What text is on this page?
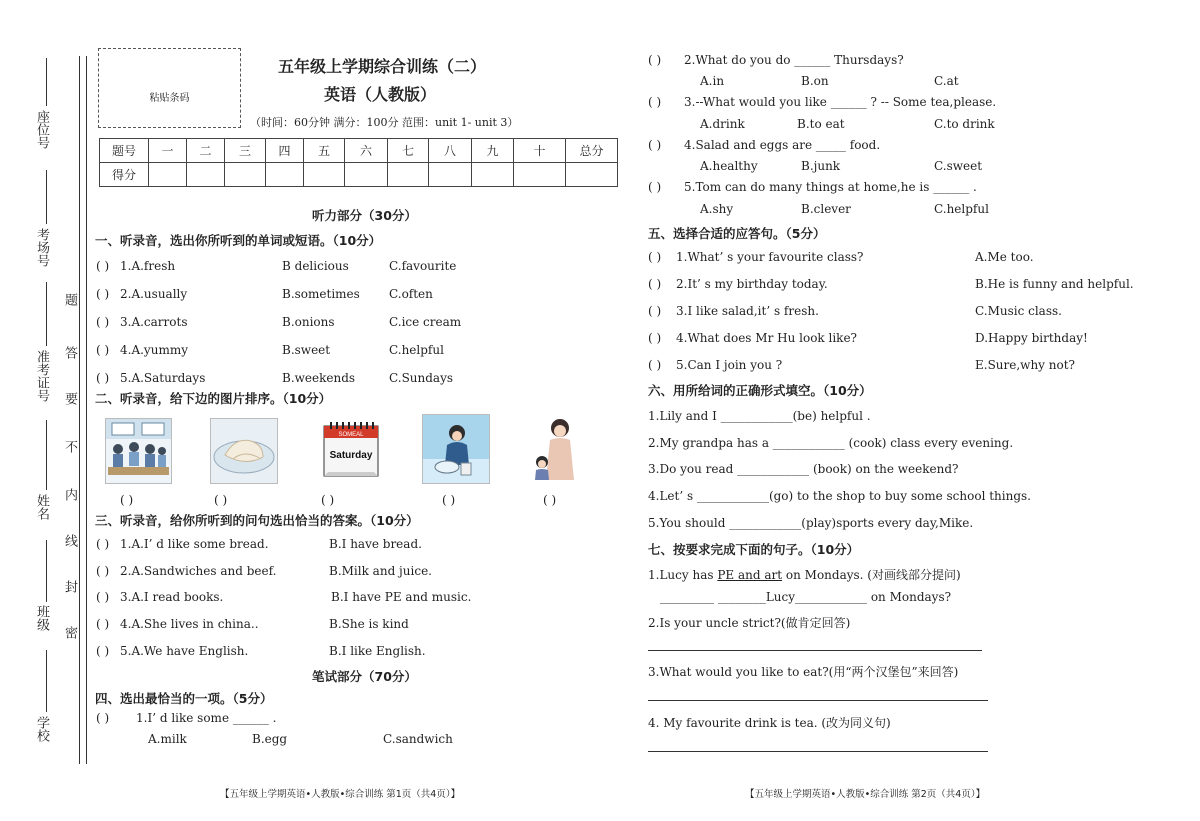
座位号
考场号
准考证号
姓名
班级
学校
题
答
要
不
内
线
封
密
粘贴条码
五年级上学期综合训练（二）
英语（人教版）
（时间：60分钟 满分：100分 范围：unit 1- unit 3）
题号	一	二	三	四	五	六	七	八	九	十	总分
得分											
听力部分（30分）
一、听录音，选出你所听到的单词或短语。（10分）
( ) 1.A.fresh	B delicious	C.favourite
( ) 2.A.usually	B.sometimes C.often
( ) 3.A.carrots	B.onions	C.ice cream
( ) 4.A.yummy	B.sweet	C.helpful
( ) 5.A.Saturdays	B.weekends	C.Sundays
二、听录音，给下边的图片排序。（10分）
SOMEAL
Saturday
( )	( )	( )	( )	( )
三、听录音，给你所听到的问句选出恰当的答案。（10分）
( ) 1.A.I’ d like some bread.	B.I have bread.
( ) 2.A.Sandwiches and beef.	B.Milk and juice.
( ) 3.A.I read books.	B.I have PE and music.
( ) 4.A.She lives in china..	B.She is kind
( ) 5.A.We have English.	B.I like English.
笔试部分（70分）
四、选出最恰当的一项。（5分）
( ) 1.I’ d like some ______ .
A.milk	B.egg	C.sandwich
( ) 2.What do you do ______ Thursdays?
A.in	B.on	C.at
( ) 3.--What would you like ______ ? -- Some tea,please.
A.drink	B.to eat	C.to drink
( ) 4.Salad and eggs are _____ food.
A.healthy	B.junk	C.sweet
( ) 5.Tom can do many things at home,he is ______ .
A.shy	B.clever	C.helpful
五、选择合适的应答句。（5分）
( ) 1.What’ s your favourite class?	A.Me too.
( ) 2.It’ s my birthday today.	B.He is funny and helpful.
( ) 3.I like salad,it’ s fresh.	C.Music class.
( ) 4.What does Mr Hu look like?	D.Happy birthday!
( ) 5.Can I join you ?	E.Sure,why not?
六、用所给词的正确形式填空。（10分）
1.Lily and I ____________(be) helpful .
2.My grandpa has a ____________ (cook) class every evening.
3.Do you read ____________ (book) on the weekend?
4.Let’ s ____________(go) to the shop to buy some school things.
5.You should ____________(play)sports every day,Mike.
七、按要求完成下面的句子。（10分）
1.Lucy has PE and art on Mondays. (对画线部分提问)
_________ ________Lucy____________ on Mondays?
2.Is your uncle strict?(做肯定回答)
3.What would you like to eat?(用“两个汉堡包”来回答)
4. My favourite drink is tea. (改为同义句)
【五年级上学期英语•人教版•综合训练 第1页（共4页）】	【五年级上学期英语•人教版•综合训练 第2页（共4页）】
